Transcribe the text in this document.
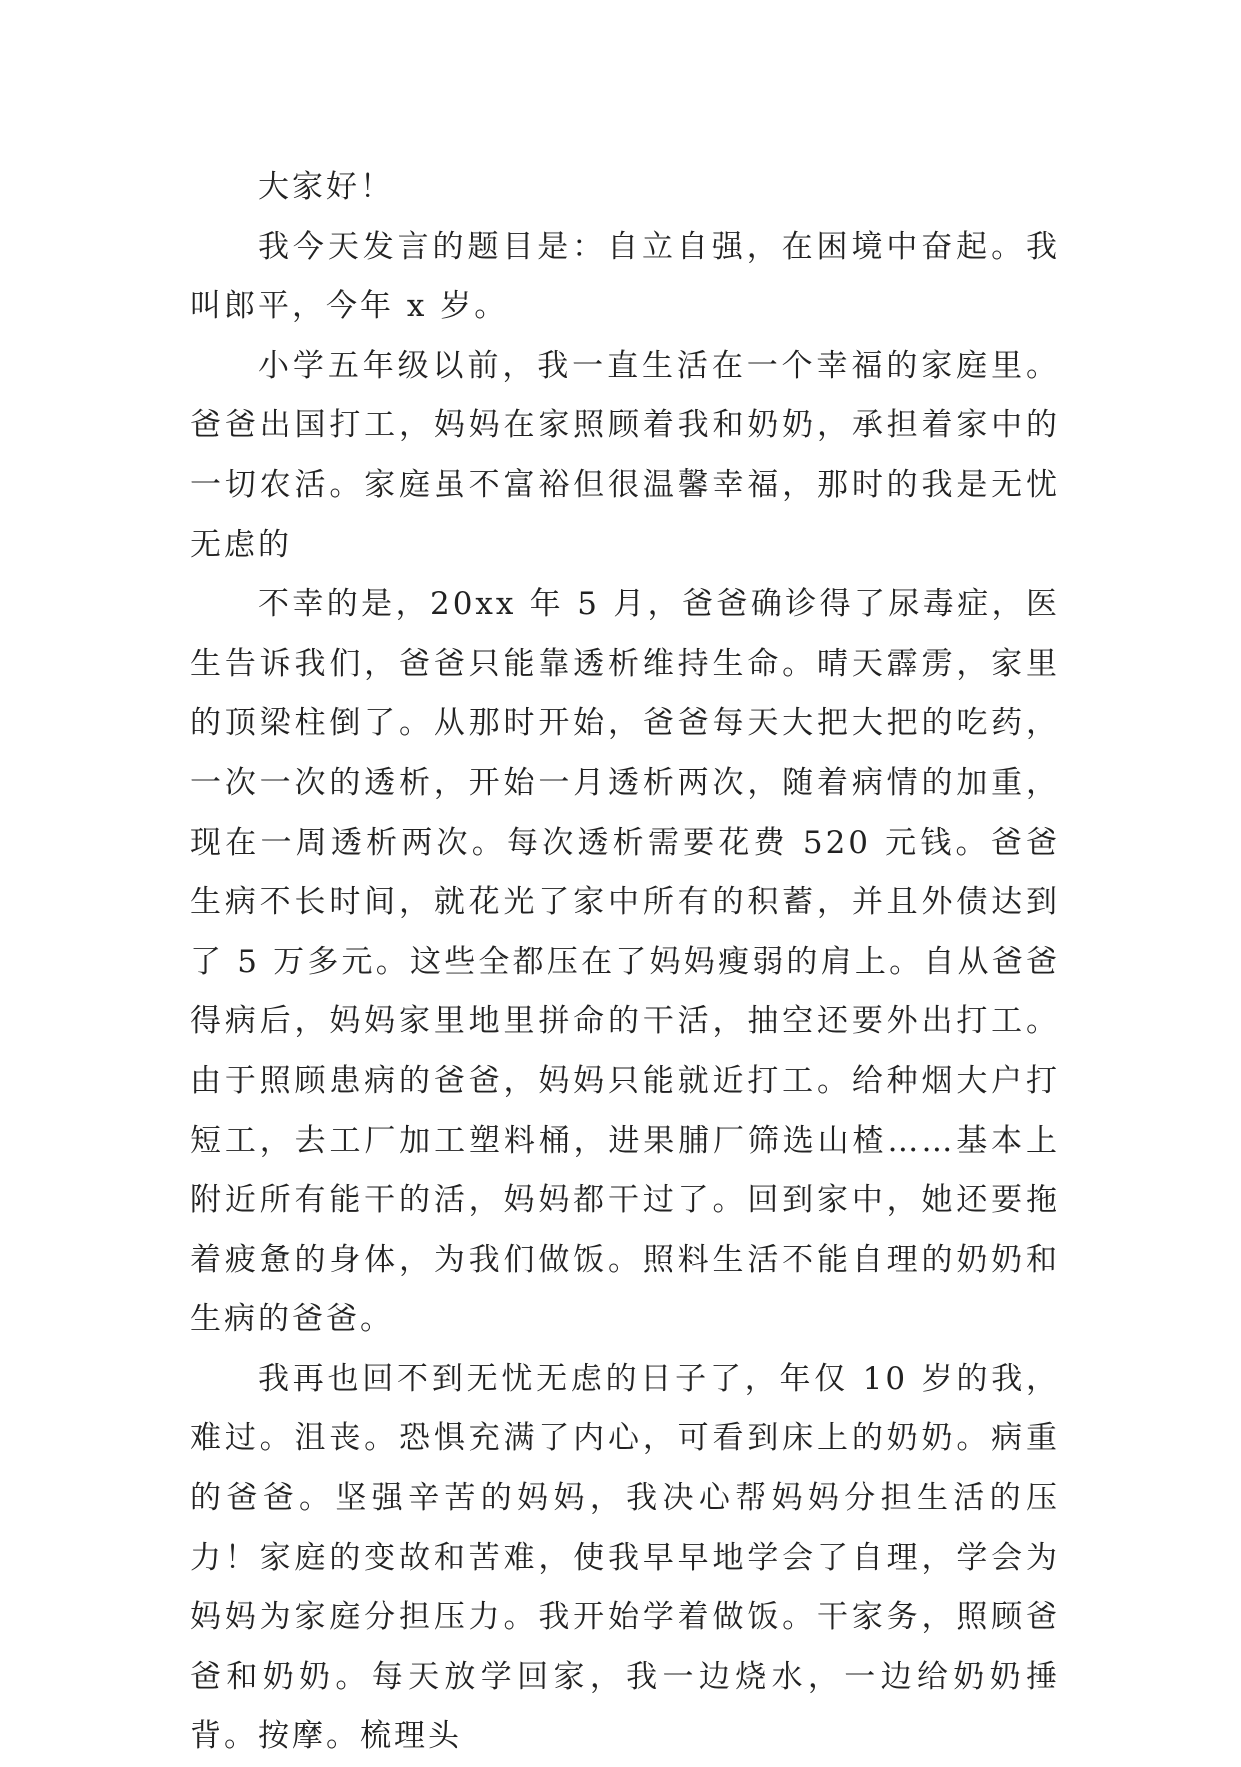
大家好！

我今天发言的题目是：自立自强，在困境中奋起。我叫郎平，今年 x 岁。

小学五年级以前，我一直生活在一个幸福的家庭里。爸爸出国打工，妈妈在家照顾着我和奶奶，承担着家中的一切农活。家庭虽不富裕但很温馨幸福，那时的我是无忧无虑的

不幸的是，20xx 年 5 月，爸爸确诊得了尿毒症，医生告诉我们，爸爸只能靠透析维持生命。晴天霹雳，家里的顶梁柱倒了。从那时开始，爸爸每天大把大把的吃药，一次一次的透析，开始一月透析两次，随着病情的加重，现在一周透析两次。每次透析需要花费 520 元钱。爸爸生病不长时间，就花光了家中所有的积蓄，并且外债达到了 5 万多元。这些全都压在了妈妈瘦弱的肩上。自从爸爸得病后，妈妈家里地里拼命的干活，抽空还要外出打工。由于照顾患病的爸爸，妈妈只能就近打工。给种烟大户打短工，去工厂加工塑料桶，进果脯厂筛选山楂……基本上附近所有能干的活，妈妈都干过了。回到家中，她还要拖着疲惫的身体，为我们做饭。照料生活不能自理的奶奶和生病的爸爸。

我再也回不到无忧无虑的日子了，年仅 10 岁的我，难过。沮丧。恐惧充满了内心，可看到床上的奶奶。病重的爸爸。坚强辛苦的妈妈，我决心帮妈妈分担生活的压力！家庭的变故和苦难，使我早早地学会了自理，学会为妈妈为家庭分担压力。我开始学着做饭。干家务，照顾爸爸和奶奶。每天放学回家，我一边烧水，一边给奶奶捶背。按摩。梳理头
